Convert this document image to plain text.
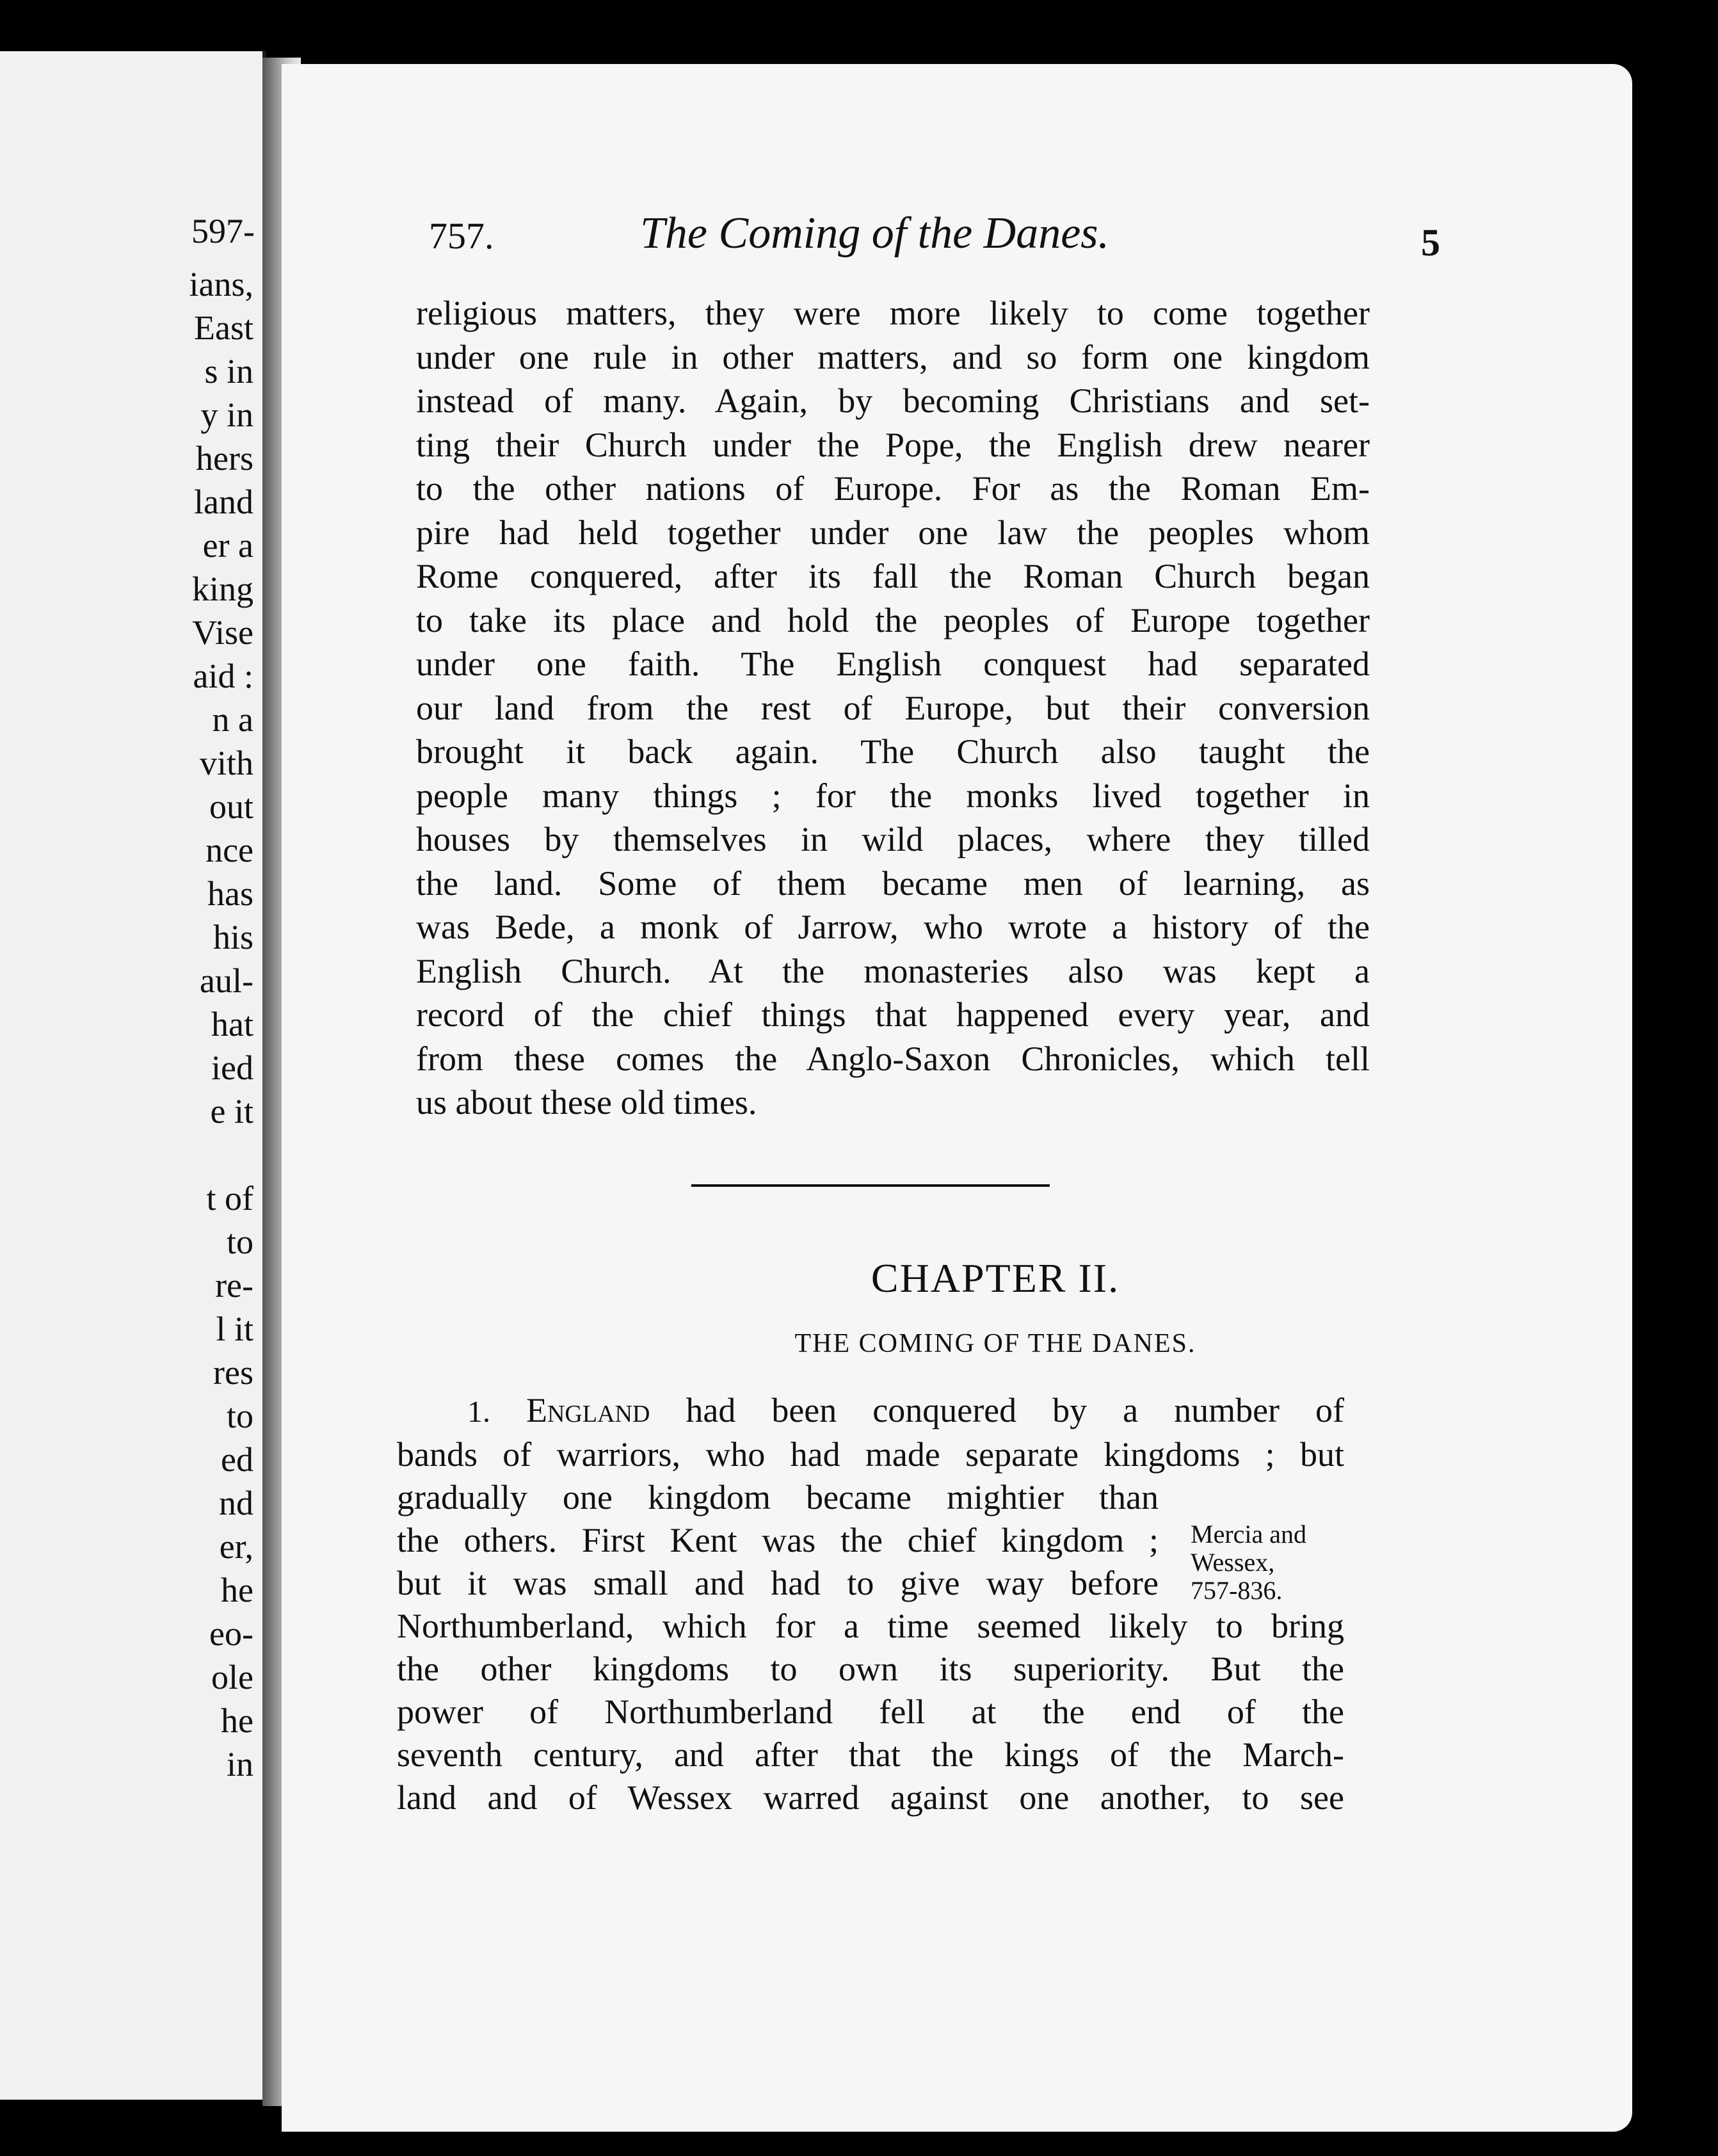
597-
ians,
East
s in
y in
hers
land
er a
king
Vise
aid :
n a
vith
out
nce
has
his
aul-
hat
ied
e it

t of
to
re-
l it
res
to
ed
nd
er,
he
eo-
ole
he
in
757.	The Coming of the Danes.	5
religious matters, they were more likely to come together
under one rule in other matters, and so form one kingdom
instead of many. Again, by becoming Christians and set-
ting their Church under the Pope, the English drew nearer
to the other nations of Europe. For as the Roman Em-
pire had held together under one law the peoples whom
Rome conquered, after its fall the Roman Church began
to take its place and hold the peoples of Europe together
under one faith. The English conquest had separated
our land from the rest of Europe, but their conversion
brought it back again. The Church also taught the
people many things ; for the monks lived together in
houses by themselves in wild places, where they tilled
the land. Some of them became men of learning, as
was Bede, a monk of Jarrow, who wrote a history of the
English Church. At the monasteries also was kept a
record of the chief things that happened every year, and
from these comes the Anglo-Saxon Chronicles, which tell
us about these old times.
CHAPTER II.
THE COMING OF THE DANES.
1. England had been conquered by a number of
bands of warriors, who had made separate kingdoms ; but
gradually one kingdom became mightier than
the others. First Kent was the chief kingdom ;
but it was small and had to give way before
Northumberland, which for a time seemed likely to bring
the other kingdoms to own its superiority. But the
power of Northumberland fell at the end of the
seventh century, and after that the kings of the March-
land and of Wessex warred against one another, to see
Mercia and
Wessex,
757-836.
